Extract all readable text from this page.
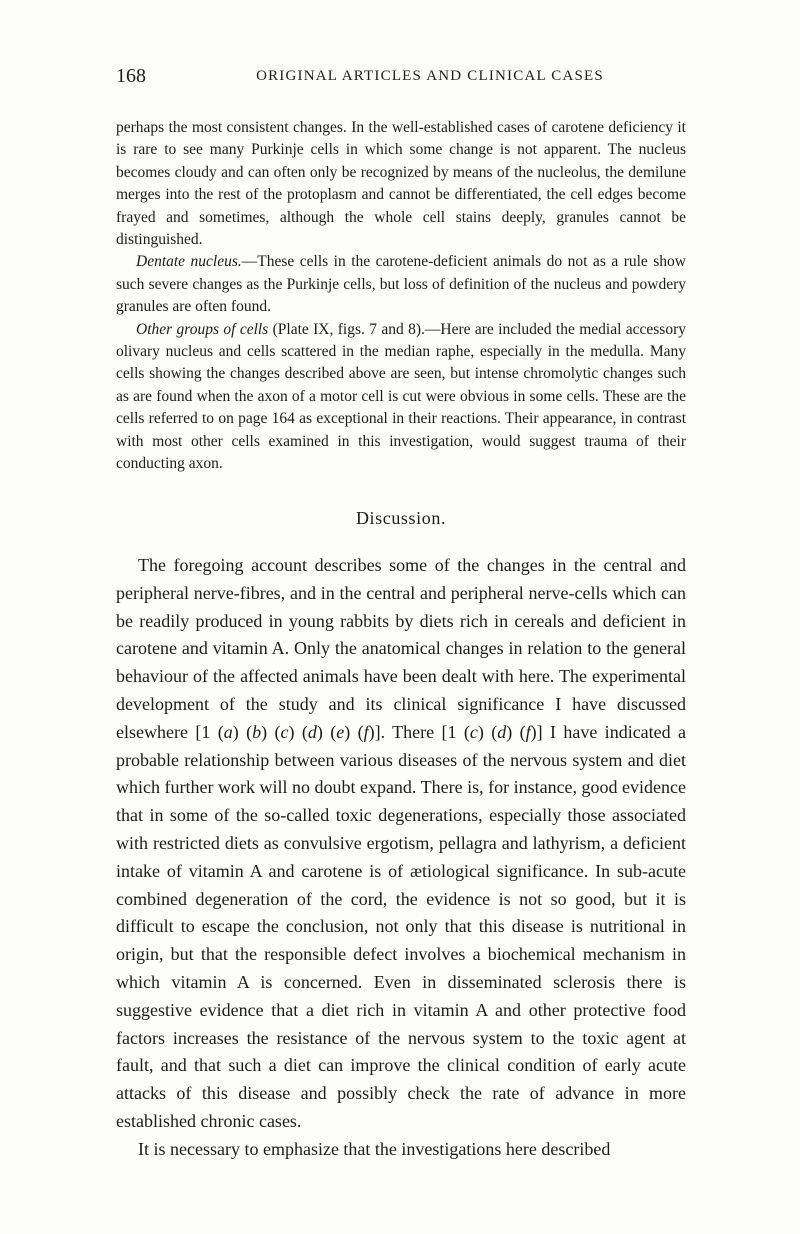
168	ORIGINAL ARTICLES AND CLINICAL CASES

perhaps the most consistent changes. In the well-established cases of carotene deficiency it is rare to see many Purkinje cells in which some change is not apparent. The nucleus becomes cloudy and can often only be recognized by means of the nucleolus, the demilune merges into the rest of the protoplasm and cannot be differentiated, the cell edges become frayed and sometimes, although the whole cell stains deeply, granules cannot be distinguished.

Dentate nucleus.—These cells in the carotene-deficient animals do not as a rule show such severe changes as the Purkinje cells, but loss of definition of the nucleus and powdery granules are often found.

Other groups of cells (Plate IX, figs. 7 and 8).—Here are included the medial accessory olivary nucleus and cells scattered in the median raphe, especially in the medulla. Many cells showing the changes described above are seen, but intense chromolytic changes such as are found when the axon of a motor cell is cut were obvious in some cells. These are the cells referred to on page 164 as exceptional in their reactions. Their appearance, in contrast with most other cells examined in this investigation, would suggest trauma of their conducting axon.

Discussion.

The foregoing account describes some of the changes in the central and peripheral nerve-fibres, and in the central and peripheral nerve-cells which can be readily produced in young rabbits by diets rich in cereals and deficient in carotene and vitamin A. Only the anatomical changes in relation to the general behaviour of the affected animals have been dealt with here. The experimental development of the study and its clinical significance I have discussed elsewhere [1 (a) (b) (c) (d) (e) (f)]. There [1 (c) (d) (f)] I have indicated a probable relationship between various diseases of the nervous system and diet which further work will no doubt expand. There is, for instance, good evidence that in some of the so-called toxic degenerations, especially those associated with restricted diets as convulsive ergotism, pellagra and lathyrism, a deficient intake of vitamin A and carotene is of ætiological significance. In sub-acute combined degeneration of the cord, the evidence is not so good, but it is difficult to escape the conclusion, not only that this disease is nutritional in origin, but that the responsible defect involves a biochemical mechanism in which vitamin A is concerned. Even in disseminated sclerosis there is suggestive evidence that a diet rich in vitamin A and other protective food factors increases the resistance of the nervous system to the toxic agent at fault, and that such a diet can improve the clinical condition of early acute attacks of this disease and possibly check the rate of advance in more established chronic cases.

It is necessary to emphasize that the investigations here described
